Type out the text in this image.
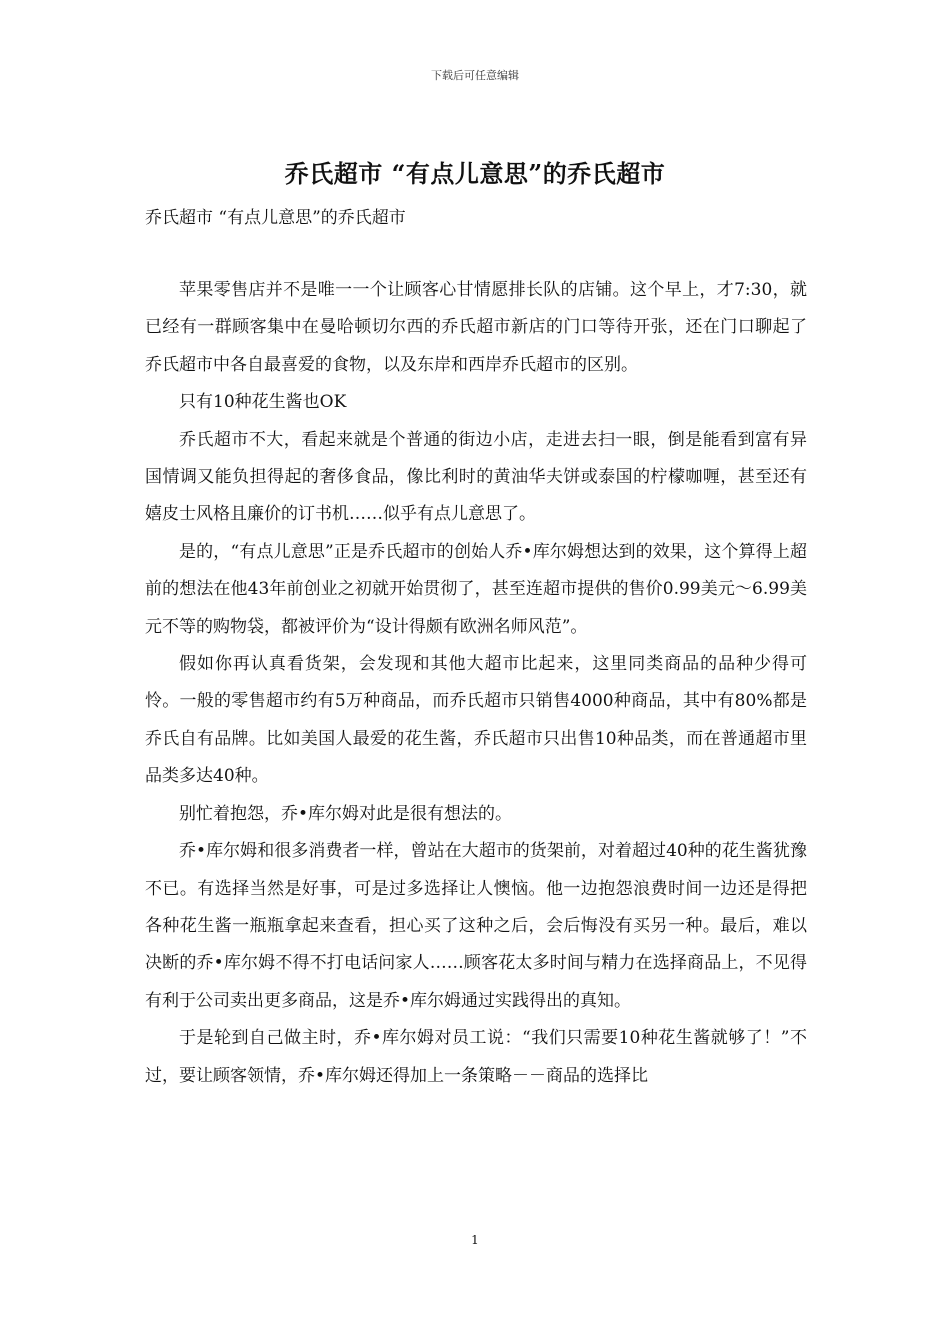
下载后可任意编辑
乔氏超市 “有点儿意思”的乔氏超市

乔氏超市 “有点儿意思”的乔氏超市

苹果零售店并不是唯一一个让顾客心甘情愿排长队的店铺。这个早上，才7:30，就已经有一群顾客集中在曼哈顿切尔西的乔氏超市新店的门口等待开张，还在门口聊起了乔氏超市中各自最喜爱的食物，以及东岸和西岸乔氏超市的区别。

只有10种花生酱也OK

乔氏超市不大，看起来就是个普通的街边小店，走进去扫一眼，倒是能看到富有异国情调又能负担得起的奢侈食品，像比利时的黄油华夫饼或泰国的柠檬咖喱，甚至还有嬉皮士风格且廉价的订书机……似乎有点儿意思了。

是的，“有点儿意思”正是乔氏超市的创始人乔•库尔姆想达到的效果，这个算得上超前的想法在他43年前创业之初就开始贯彻了，甚至连超市提供的售价0.99美元～6.99美元不等的购物袋，都被评价为“设计得颇有欧洲名师风范”。

假如你再认真看货架，会发现和其他大超市比起来，这里同类商品的品种少得可怜。一般的零售超市约有5万种商品，而乔氏超市只销售4000种商品，其中有80%都是乔氏自有品牌。比如美国人最爱的花生酱，乔氏超市只出售10种品类，而在普通超市里品类多达40种。

别忙着抱怨，乔•库尔姆对此是很有想法的。

乔•库尔姆和很多消费者一样，曾站在大超市的货架前，对着超过40种的花生酱犹豫不已。有选择当然是好事，可是过多选择让人懊恼。他一边抱怨浪费时间一边还是得把各种花生酱一瓶瓶拿起来查看，担心买了这种之后，会后悔没有买另一种。最后，难以决断的乔•库尔姆不得不打电话问家人……顾客花太多时间与精力在选择商品上，不见得有利于公司卖出更多商品，这是乔•库尔姆通过实践得出的真知。

于是轮到自己做主时，乔•库尔姆对员工说：“我们只需要10种花生酱就够了！”不过，要让顾客领情，乔•库尔姆还得加上一条策略－－商品的选择比

1
